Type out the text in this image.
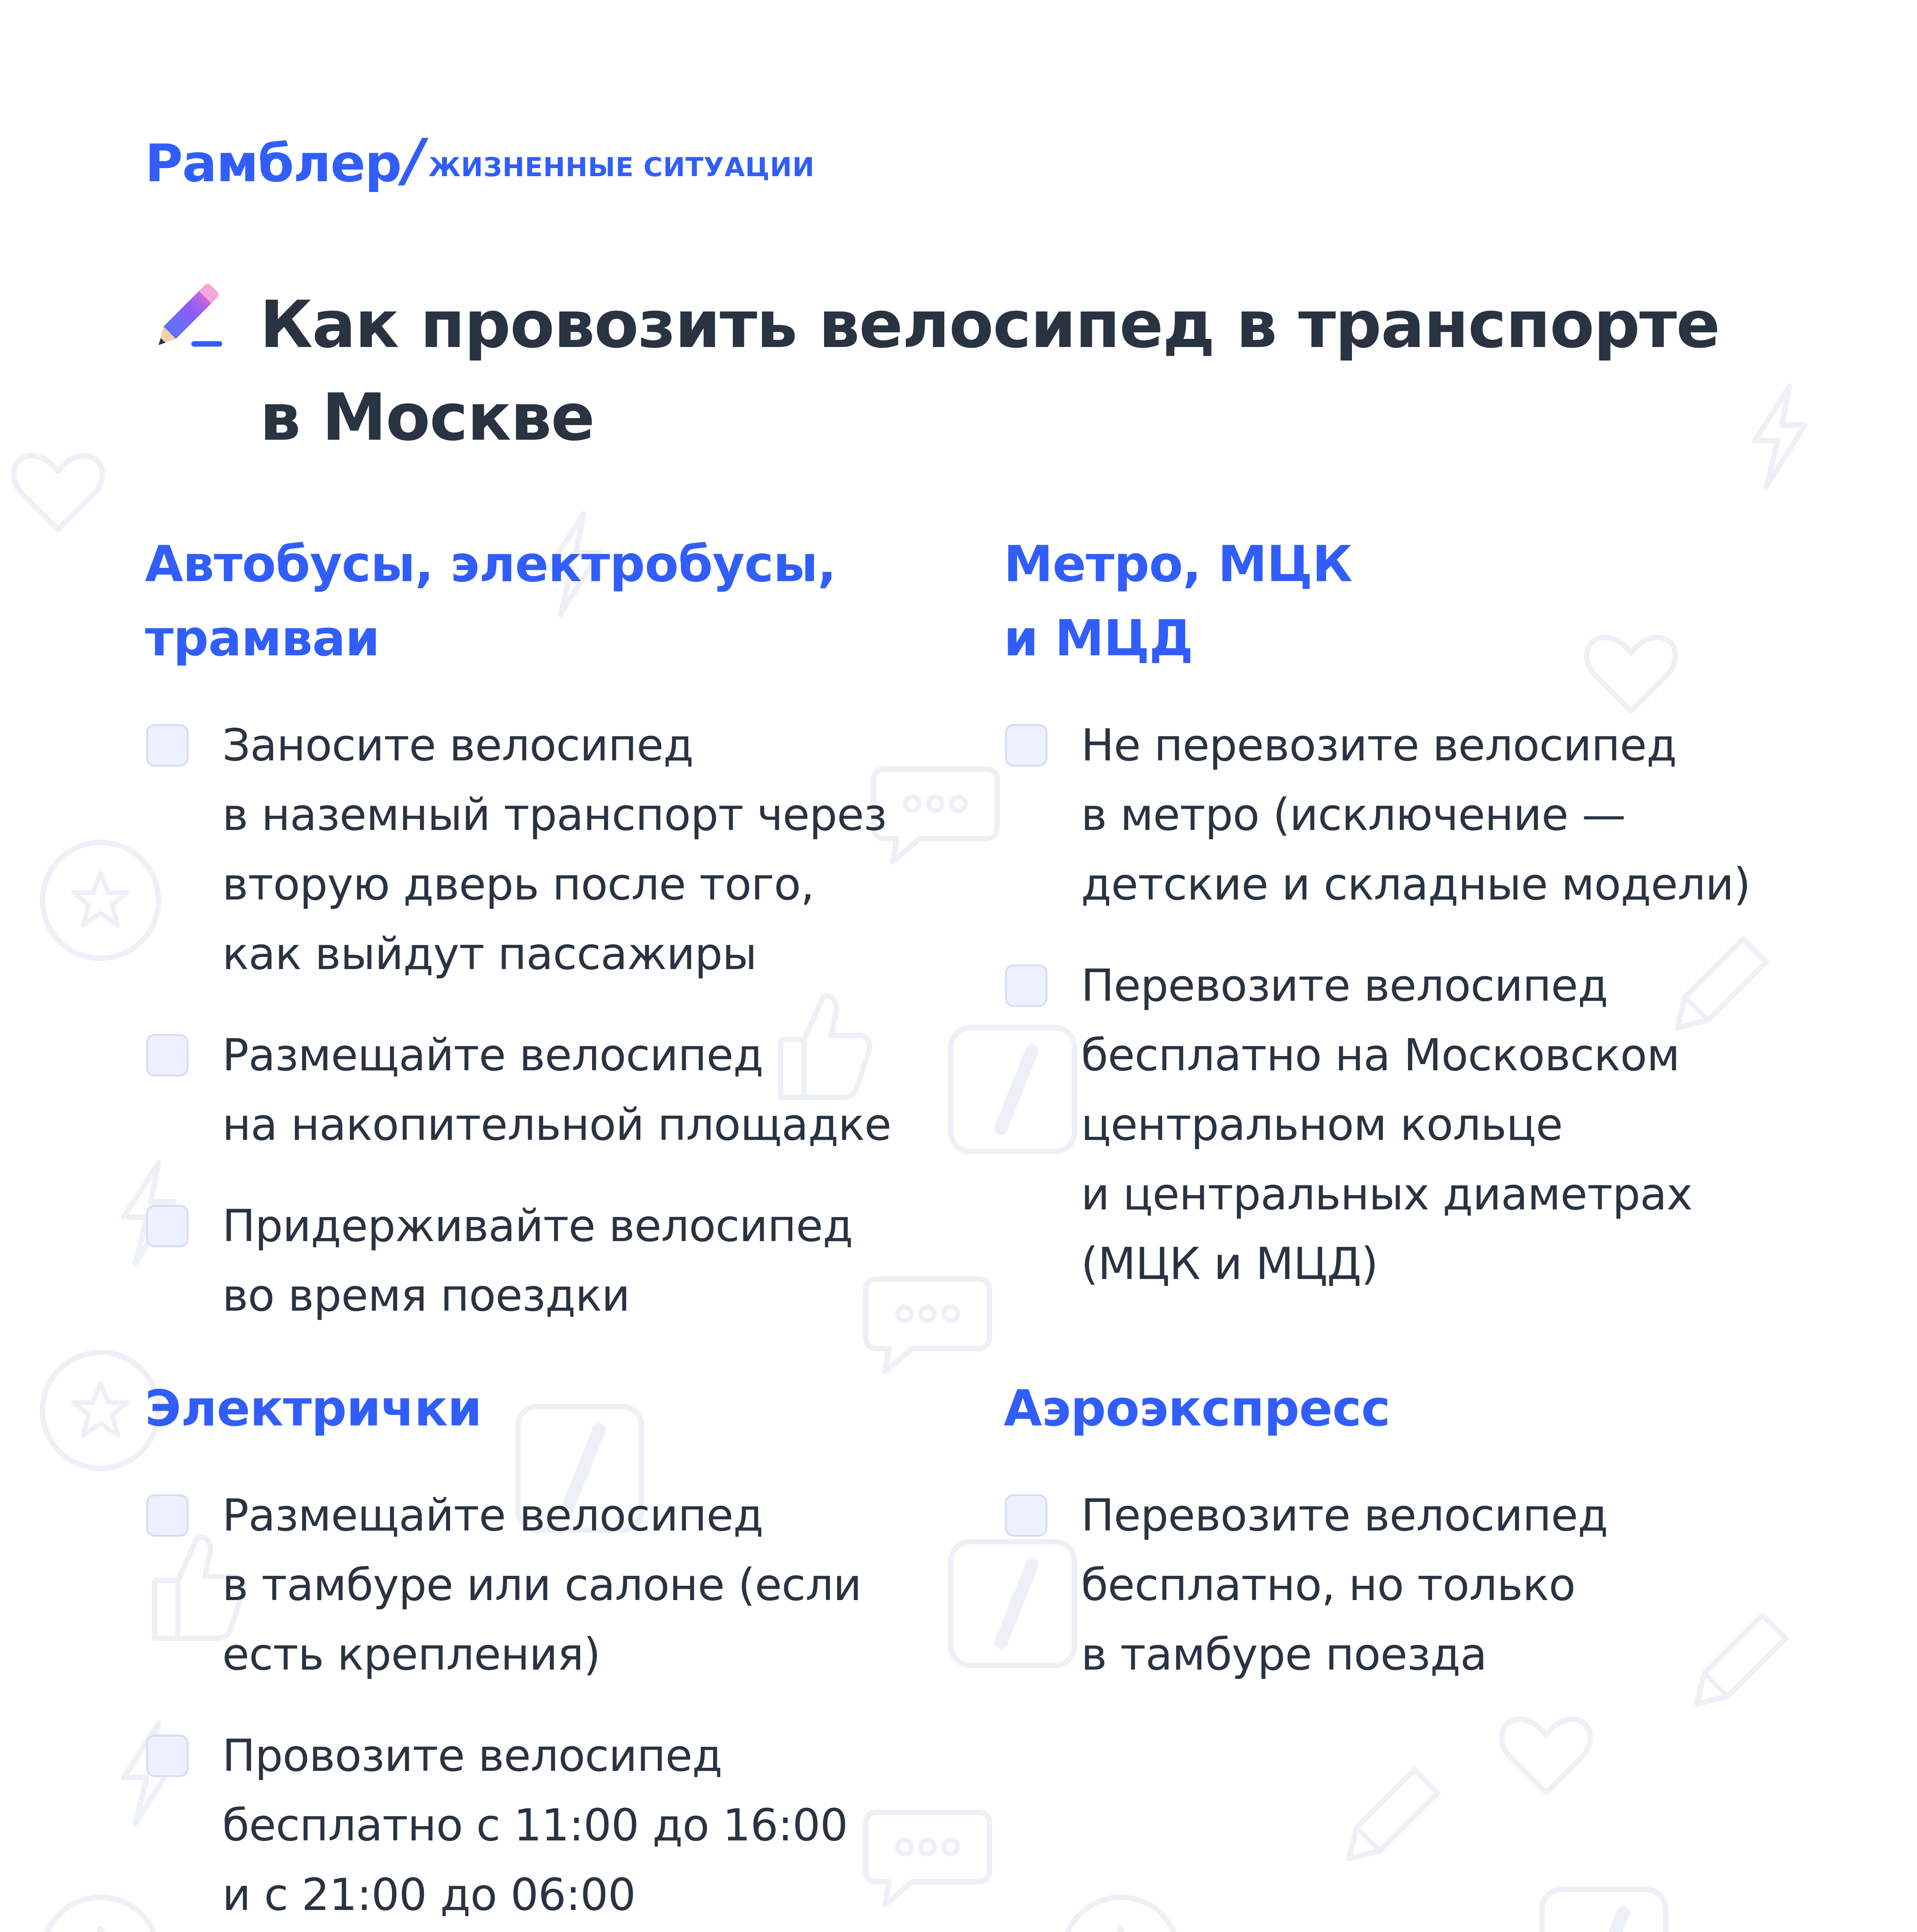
Рамблер / ЖИЗНЕННЫЕ СИТУАЦИИ
Как провозить велосипед в транспорте в Москве
Автобусы, электробусы,
трамваи
Заносите велосипед
в наземный транспорт через
вторую дверь после того,
как выйдут пассажиры
Размещайте велосипед
на накопительной площадке
Придерживайте велосипед
во время поездки
Метро, МЦК
и МЦД
Не перевозите велосипед
в метро (исключение —
детские и складные модели)
Перевозите велосипед
бесплатно на Московском
центральном кольце
и центральных диаметрах
(МЦК и МЦД)
Электрички
Размещайте велосипед
в тамбуре или салоне (если
есть крепления)
Провозите велосипед
бесплатно с 11:00 до 16:00
и с 21:00 до 06:00
Аэроэкспресс
Перевозите велосипед
бесплатно, но только
в тамбуре поезда
